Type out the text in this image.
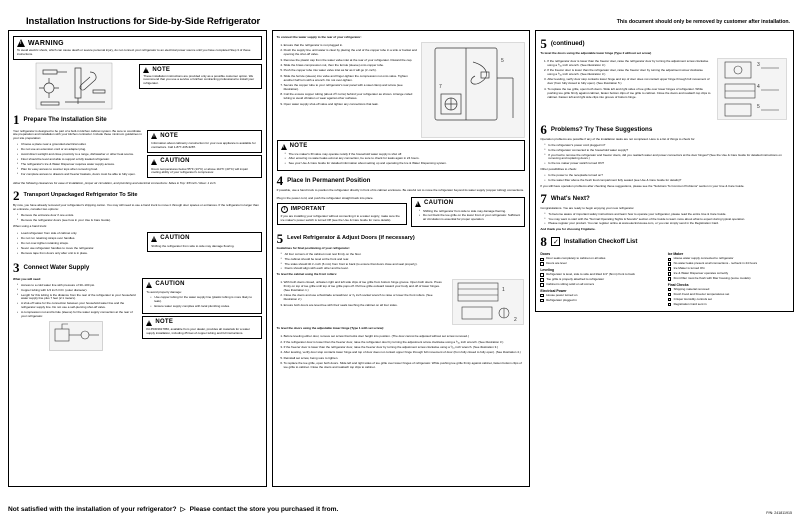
Installation Instructions for Side-by-Side Refrigerator	This document should only be removed by customer after installation.
!
WARNING
To avoid electric shock, which can cause death or severe personal injury, do not connect your refrigerator to an electrical power source until you have completed Step 3 of these instructions.
!
NOTE
These installation instructions are provided only as a possible customer option. We recommend that you use a service or kitchen contracting professional to install your refrigerator.
1 Prepare The Installation Site

Your refrigerator is designed to be part of a built-in kitchen cabinet system. Be sure to coordinate site preparation and installation with your kitchen contractor. Include these minimum guidelines in your site preparation:

• Choose a place near a grounded electrical outlet.
• Do not use an extension cord or an adapter plug.
• Avoid direct sunlight and close proximity to a range, dishwasher or other heat source.
• Floor should be level and able to support a fully loaded refrigerator.
• The refrigerator's Ice & Water Dispenser requires water supply access.
• Plan for easy access to counter tops when removing food.
• For complete access to drawers and freezer baskets, doors must be able to fully open.
!
NOTE
Information about cabinetry construction for your new appliance is available for contractors. Call 1-877-435-3287.
!
CAUTION
Room temperatures below 55°F (13°C) or above 110°F (43°C) will impair cooling ability of your refrigerator's compressor.

Allow the following clearances for ease of installation, proper air circulation, and plumbing and electrical connections: Sides & Top: 3/8 inch / Rear: 1 inch

2 Transport Unpackaged Refrigerator To Site

By now, you have already removed your refrigerator's shipping carton. You may still need to use a hand truck to move it through door spaces or entrances. If the refrigerator is larger than an entrance, consider two options:

• Remove the entrance door if one exists.
• Remove the refrigerator doors (see how in your Use & Care Guide).

When using a hand truck:

• Load refrigerator from side of cabinet only.
• Do not run retaining straps over handles.
• Do not over-tighten retaining straps.
• Never use refrigerator handles to move the refrigerator.
• Remove tape from doors only after unit is in place.
!
CAUTION
Shifting the refrigerator from side to side may damage flooring.
3 Connect Water Supply

What you will need:

• Access to a cold water line with pressure of 30–100 psi.
• Copper tubing with 1/4 inch O.D. (outer diameter).
• Length for this tubing is the distance from the rear of the refrigerator to your household water supply line plus 7 feet (2.1 meters).
• A shut-off valve for the connection between your household water line and the refrigerator supply line. Do not use a self-piercing shut-off valve.
• A compression nut and ferrule (sleeve) for the water supply connection at the rear of your refrigerator.
!
CAUTION
To avoid property damage:
• Use copper tubing for the water supply line (plastic tubing is more likely to leak).
• Ensure water supply complies with local plumbing codes.
!
NOTE
Kit #5303917950, available from your dealer, provides all materials for a water supply installation, including 25 feet of copper tubing and full instructions.

To connect the water supply to the rear of your refrigerator:

1. Ensure that the refrigerator is not plugged in.
2. Flush the supply line until water is clear by placing the end of the copper tube in a sink or bucket and opening the shut-off valve.
3. Remove the plastic cap from the water valve inlet at the rear of your refrigerator. Discard the cap.
4. Slide the brass compression nut, then the ferrule (sleeve) onto copper tube.
5. Push the copper tube into water valve inlet as far as it will go (¼ inch).
6. Slide the ferrule (sleeve) into valve and finger-tighten the compression nut onto valve. Tighten another half turn with a wrench. Do not over-tighten.
7. Secure the copper tube to your refrigerator's rear panel with a steel clamp and screw (see illustration).
8. Coil the excess copper tubing (about 2½ turns) behind your refrigerator as shown. Arrange coiled tubing to avoid vibration or wear against other surfaces.
9. Open water supply shut-off valve and tighten any connections that leak.
5
7
!
NOTE
• The ice maker's fill valve may operate noisily if the household water supply is shut off.
• After ensuring no water leaks exist at any connection, be sure to check for leaks again in 24 hours.
• See your Use & Care Guide for detailed information about setting up and operating the Ice & Water Dispensing system.
4 Place In Permanent Position

If possible, use a hand truck to position the refrigerator directly in front of its cabinet enclosure. Be careful not to move the refrigerator beyond its water supply (copper tubing) connections.

Plug in the power cord, and push the refrigerator straight back into place.

! IMPORTANT
If you are installing your refrigerator without connecting it to a water supply, make sure the ice maker's power switch is turned Off (see the Use & Care Guide for more details).
!
CAUTION
• Shifting the refrigerator from side to side may damage flooring.
• Do not block the toe grille on the lower front of your refrigerator. Sufficient air circulation is essential for proper operation.
5 Level Refrigerator & Adjust Doors (if necessary)

Guidelines for final positioning of your refrigerator:

• All four corners of the cabinet must rest firmly on the floor.
• The cabinet should be level at the front and rear.
• The sides should tilt ¼ inch (6 mm) from front to back (to ensure that doors close and seal properly).
• Doors should align with each other and be level.

To level the cabinet using the front rollers:

1. With both doors closed, unfasten right and left side clips of toe grille from bottom hinge groove. Open both doors. Press firmly on top of toe grille until top of toe grille pops off. Pull toe grille outward toward your body and off of lower hinges. (See illustration 1.)
2. Close the doors and use a flat-blade screwdriver or ³⁄₈ inch socket wrench to raise or lower the front rollers. (See illustration 2.)
3. Ensure both doors are level-free with their seals touching the cabinet on all four sides.
1
2

To level the doors using the adjustable lower hinge (Type 1 with set screw):

1. Before leveling either door, remove set screw that locks door height into position. (The door cannot be adjusted without set screw removed.)
2. If the refrigerator door is lower than the freezer door, raise the refrigerator door by turning the adjustment screw clockwise using a ⁵⁄₁₆ inch wrench. (See illustration 3.)
3. If the freezer door is lower than the refrigerator door, raise the freezer door by turning the adjustment screw clockwise using a ⁵⁄₁₆ inch wrench. (See illustration 3.)
4. After leveling, verify door stop contacts lower hinge and top of door does not contact upper hinge through full movement of door (from fully closed to fully open). (See illustration 4.)
5. Reinstall set screw, being sure to tighten.
6. To replace the toe grille, open both doors. Slide left and right sides of toe grille over lower hinges of refrigerator. While pushing toe grille firmly against cabinet, fasten bottom clips of toe grille to cabinet. Close the doors and reattach top clips to cabinet.
5 (continued)

To level the doors using the adjustable lower hinge (Type 2 without set screw)

1. If the refrigerator door is lower than the freezer door, raise the refrigerator door by turning the adjustment screw clockwise using a ⁵⁄₁₆ inch wrench. (See illustration 3.)
2. If the freezer door is lower than the refrigerator door, raise the freezer door by turning the adjustment screw clockwise using a ⁵⁄₁₆ inch wrench. (See illustration 3.)
3. After leveling, verify door stop contacts lower hinge and top of door does not contact upper hinge through full movement of door (from fully closed to fully open). (See illustration 5.)
4. To replace the toe grille, open both doors. Slide left and right sides of toe grille over lower hinges of refrigerator. While pushing toe grille firmly against cabinet, fasten bottom clips of toe grille to cabinet. Close the doors and reattach top clips to cabinet. Fasten left and right side clips into groove of bottom hinge.
3
4
5
6 Problems? Try These Suggestions

Operation problems are possible if any of the installation tasks are not completed. Here is a list of things to check for:

• Is the refrigerator's power cord plugged in?
• Is the refrigerator connected to the household water supply?
• If you had to remove the refrigerator and freezer doors, did you reattach water and power connectors at the door hinges? (See the Use & Care Guide for detailed instructions on removing and replacing doors.)
• Is the ice maker power switch turned ON?

Other possibilities to check:

• Is the power to the receptacle turned on?
• Is the water filter above the fresh food compartment fully seated (see Use & Care Guide for details)?

If you still have operation problems after checking these suggestions, please see the "Solutions To Common Problems" section in your Use & Care Guide.

7 What's Next?

Congratulations. You are ready to begin enjoying your new refrigerator.

• To become aware of important safety instructions and learn how to operate your refrigerator, please read the entire Use & Care Guide.
• You may want to start with the "Normal Operating Sights & Sounds" section of the Guide to learn more about what to expect during typical operation.
• Please register your product. You can register online at www.electroluxusa.com, or you can simply send in the Registration Card.

And thank you for choosing Frigidaire.

8 ✓ Installation Checkoff List
Doors
Door seals completely to cabinet on all sides
Doors are level
Leveling
Refrigerator is level, side to side and tilted 1/4" (6mm) front to back
Toe grille is properly attached to refrigerator
Cabinet is sitting solid on all corners
Electrical Power
House power turned on
Refrigerator plugged in
Ice Maker
House water supply connected to refrigerator
No water leaks present at all connections - recheck in 24 hours
Ice Maker is turned ON.
Ice & Water Dispenser operates correctly
Front filter must be flush with filter housing (some models)
Final Checks
Shipping material removed
Fresh Food and Freezer temperatures set
Crisper Humidity controls set
Registration Card sent in
Not satisfied with the installation of your refrigerator? ▷ Please contact the store you purchased it from.
P/N: 241811915
